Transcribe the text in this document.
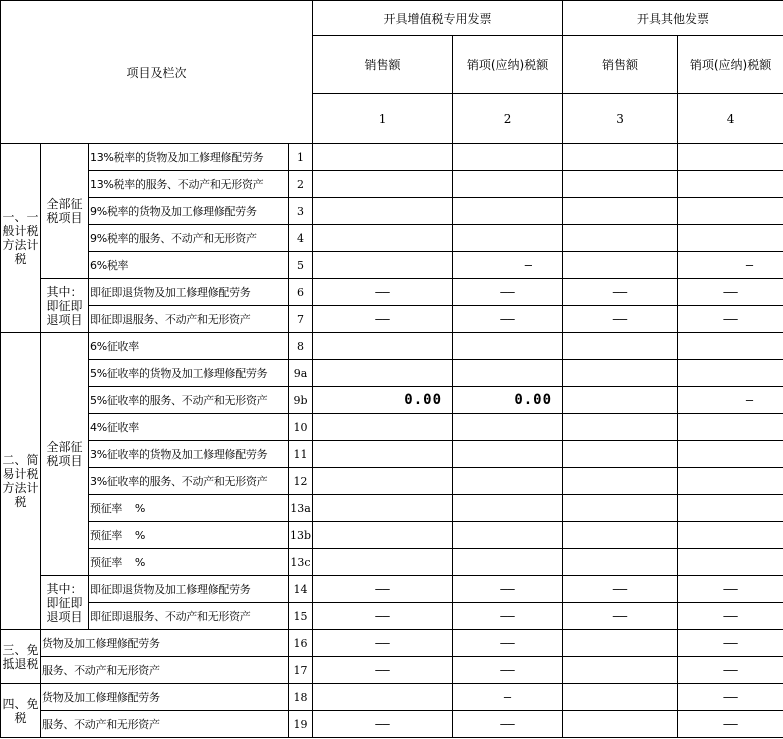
项目及栏次				开具增值税专用发票		开具其他发票	
				销售额	销项(应纳)税额	销售额	销项(应纳)税额
				1	2	3	4
一、一般计税方法计税	全部征税项目	13%税率的货物及加工修理修配劳务	1				
		13%税率的服务、不动产和无形资产	2				
		9%税率的货物及加工修理修配劳务	3				
		9%税率的服务、不动产和无形资产	4				
		6%税率	5		–		–
	其中：即征即退项目	即征即退货物及加工修理修配劳务	6	——	——	——	——
		即征即退服务、不动产和无形资产	7	——	——	——	——
二、简易计税方法计税	全部征税项目	6%征收率	8				
		5%征收率的货物及加工修理修配劳务	9a				
		5%征收率的服务、不动产和无形资产	9b	0.00	0.00		–
		4%征收率	10				
		3%征收率的货物及加工修理修配劳务	11				
		3%征收率的服务、不动产和无形资产	12				
		预征率    %	13a				
		预征率    %	13b				
		预征率    %	13c				
	其中：即征即退项目	即征即退货物及加工修理修配劳务	14	——	——	——	——
		即征即退服务、不动产和无形资产	15	——	——	——	——
三、免抵退税	货物及加工修理修配劳务		16	——	——		——
	服务、不动产和无形资产		17	——	——		——
四、免税	货物及加工修理修配劳务		18		–		——
	服务、不动产和无形资产		19	——	——		——
